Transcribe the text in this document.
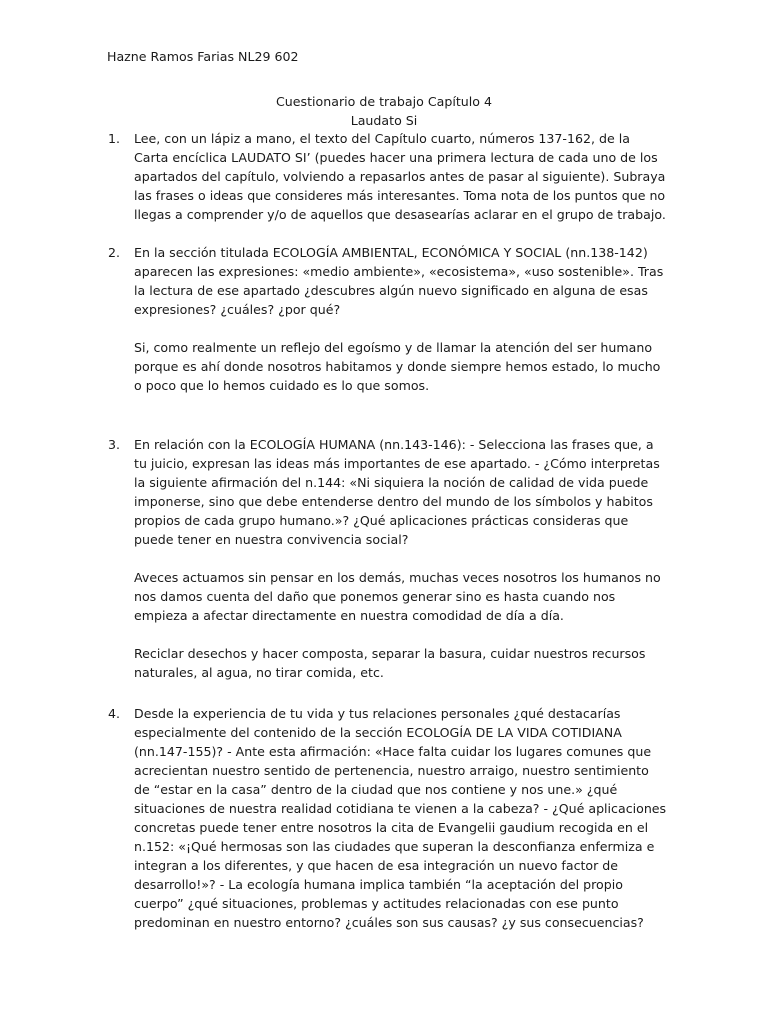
Hazne Ramos Farias NL29 602
Cuestionario de trabajo Capítulo 4
Laudato Si
1. Lee, con un lápiz a mano, el texto del Capítulo cuarto, números 137-162, de la Carta encíclica LAUDATO SI’ (puedes hacer una primera lectura de cada uno de los apartados del capítulo, volviendo a repasarlos antes de pasar al siguiente). Subraya las frases o ideas que consideres más interesantes. Toma nota de los puntos que no llegas a comprender y/o de aquellos que desasearías aclarar en el grupo de trabajo.

2. En la sección titulada ECOLOGÍA AMBIENTAL, ECONÓMICA Y SOCIAL (nn.138-142) aparecen las expresiones: «medio ambiente», «ecosistema», «uso sostenible». Tras la lectura de ese apartado ¿descubres algún nuevo significado en alguna de esas expresiones? ¿cuáles? ¿por qué?

Si, como realmente un reflejo del egoísmo y de llamar la atención del ser humano porque es ahí donde nosotros habitamos y donde siempre hemos estado, lo mucho o poco que lo hemos cuidado es lo que somos.

3. En relación con la ECOLOGÍA HUMANA (nn.143-146): - Selecciona las frases que, a tu juicio, expresan las ideas más importantes de ese apartado. - ¿Cómo interpretas la siguiente afirmación del n.144: «Ni siquiera la noción de calidad de vida puede imponerse, sino que debe entenderse dentro del mundo de los símbolos y habitos propios de cada grupo humano.»? ¿Qué aplicaciones prácticas consideras que puede tener en nuestra convivencia social?

Aveces actuamos sin pensar en los demás, muchas veces nosotros los humanos no nos damos cuenta del daño que ponemos generar sino es hasta cuando nos empieza a afectar directamente en nuestra comodidad de día a día.

Reciclar desechos y hacer composta, separar la basura, cuidar nuestros recursos naturales, al agua, no tirar comida, etc.

4. Desde la experiencia de tu vida y tus relaciones personales ¿qué destacarías especialmente del contenido de la sección ECOLOGÍA DE LA VIDA COTIDIANA (nn.147-155)? - Ante esta afirmación: «Hace falta cuidar los lugares comunes que acrecientan nuestro sentido de pertenencia, nuestro arraigo, nuestro sentimiento de “estar en la casa” dentro de la ciudad que nos contiene y nos une.» ¿qué situaciones de nuestra realidad cotidiana te vienen a la cabeza? - ¿Qué aplicaciones concretas puede tener entre nosotros la cita de Evangelii gaudium recogida en el n.152: «¡Qué hermosas son las ciudades que superan la desconfianza enfermiza e integran a los diferentes, y que hacen de esa integración un nuevo factor de desarrollo!»? - La ecología humana implica también “la aceptación del propio cuerpo” ¿qué situaciones, problemas y actitudes relacionadas con ese punto predominan en nuestro entorno? ¿cuáles son sus causas? ¿y sus consecuencias?
